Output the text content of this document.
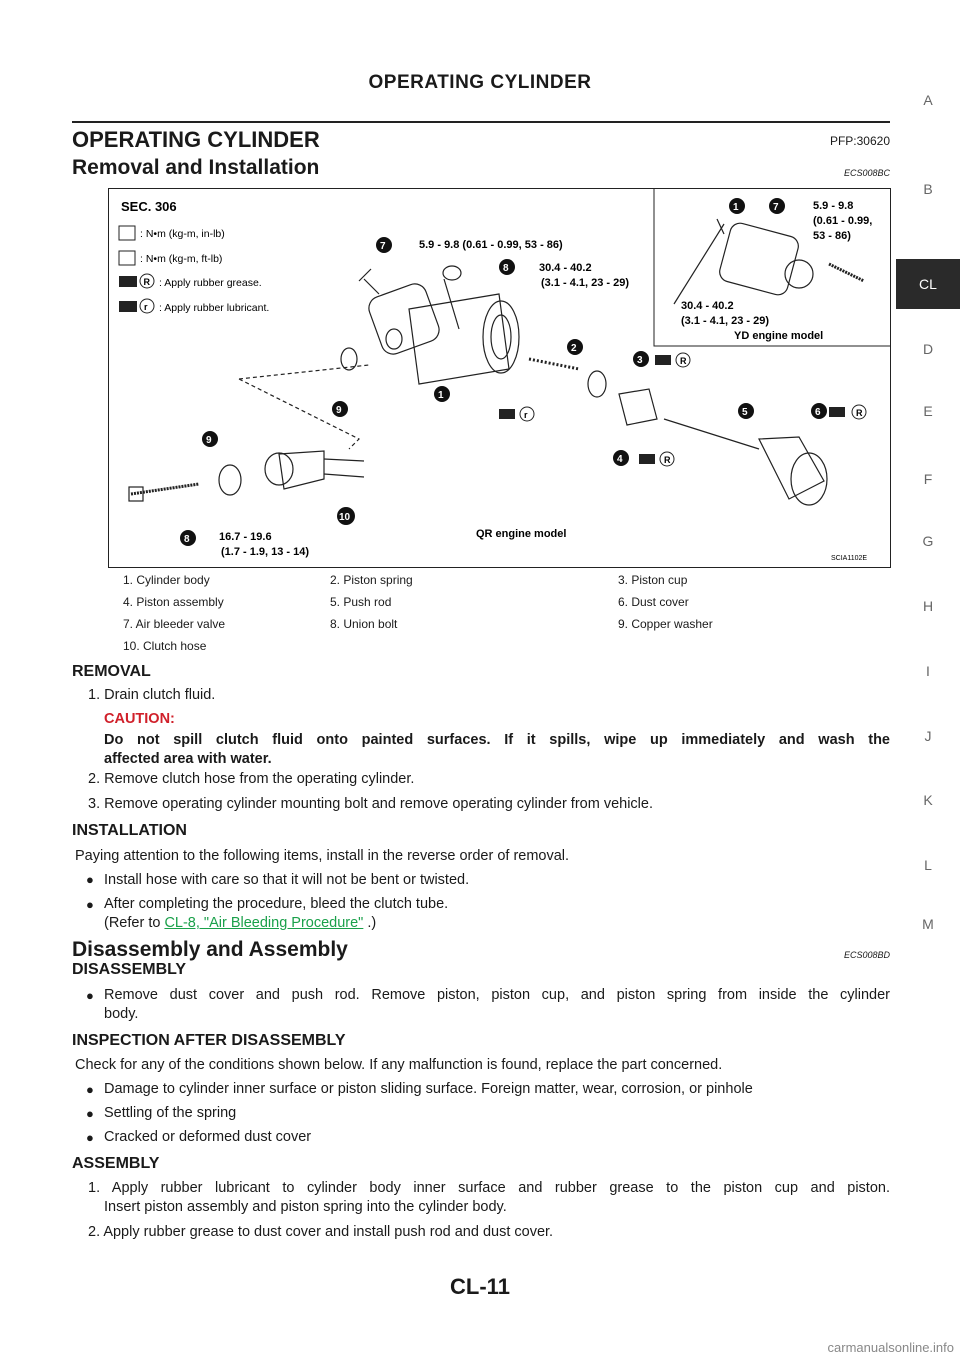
OPERATING CYLINDER
OPERATING CYLINDER	PFP:30620
A
B
CL
D
E
F
G
H
I
J
K
L
M
Removal and Installation	ECS008BC
SEC. 306
: N•m (kg-m, in-lb)
: N•m (kg-m, ft-lb)
R : Apply rubber grease.
r : Apply rubber lubricant.
7	5.9 - 9.8 (0.61 - 0.99, 53 - 86)
8	30.4 - 40.2
(3.1 - 4.1, 23 - 29)
1	7	5.9 - 9.8
(0.61 - 0.99,
53 - 86)
30.4 - 40.2
(3.1 - 4.1, 23 - 29)
YD engine model
8	16.7 - 19.6
(1.7 - 1.9, 13 - 14)
QR engine model
2
3
1
9
9
5	6
4
10
R
r	R
R
SCIA1102E
1. Cylinder body	2. Piston spring	3. Piston cup
4. Piston assembly	5. Push rod	6. Dust cover
7. Air bleeder valve	8. Union bolt	9. Copper washer
10. Clutch hose
REMOVAL
1. Drain clutch fluid.
CAUTION:
Do not spill clutch fluid onto painted surfaces. If it spills, wipe up immediately and wash the
affected area with water.
2. Remove clutch hose from the operating cylinder.
3. Remove operating cylinder mounting bolt and remove operating cylinder from vehicle.
INSTALLATION
Paying attention to the following items, install in the reverse order of removal.
● Install hose with care so that it will not be bent or twisted.
● After completing the procedure, bleed the clutch tube.
(Refer to CL-8, "Air Bleeding Procedure" .)
Disassembly and Assembly	ECS008BD
DISASSEMBLY
● Remove dust cover and push rod. Remove piston, piston cup, and piston spring from inside the cylinder
body.
INSPECTION AFTER DISASSEMBLY
Check for any of the conditions shown below. If any malfunction is found, replace the part concerned.
● Damage to cylinder inner surface or piston sliding surface. Foreign matter, wear, corrosion, or pinhole
● Settling of the spring
● Cracked or deformed dust cover
ASSEMBLY
1. Apply rubber lubricant to cylinder body inner surface and rubber grease to the piston cup and piston.
Insert piston assembly and piston spring into the cylinder body.
2. Apply rubber grease to dust cover and install push rod and dust cover.
CL-11
carmanualsonline.info
